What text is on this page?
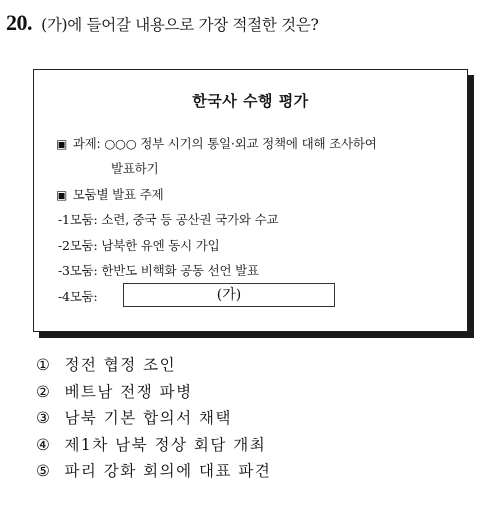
20. (가)에 들어갈 내용으로 가장 적절한 것은?
한국사 수행 평가
▣ 과제: ○○○ 정부 시기의 통일·외교 정책에 대해 조사하여
발표하기
▣ 모둠별 발표 주제
-1모둠: 소련, 중국 등 공산권 국가와 수교
-2모둠: 남북한 유엔 동시 가입
-3모둠: 한반도 비핵화 공동 선언 발표
-4모둠:	(가)
① 정전 협정 조인
② 베트남 전쟁 파병
③ 남북 기본 합의서 채택
④ 제1차 남북 정상 회담 개최
⑤ 파리 강화 회의에 대표 파견
